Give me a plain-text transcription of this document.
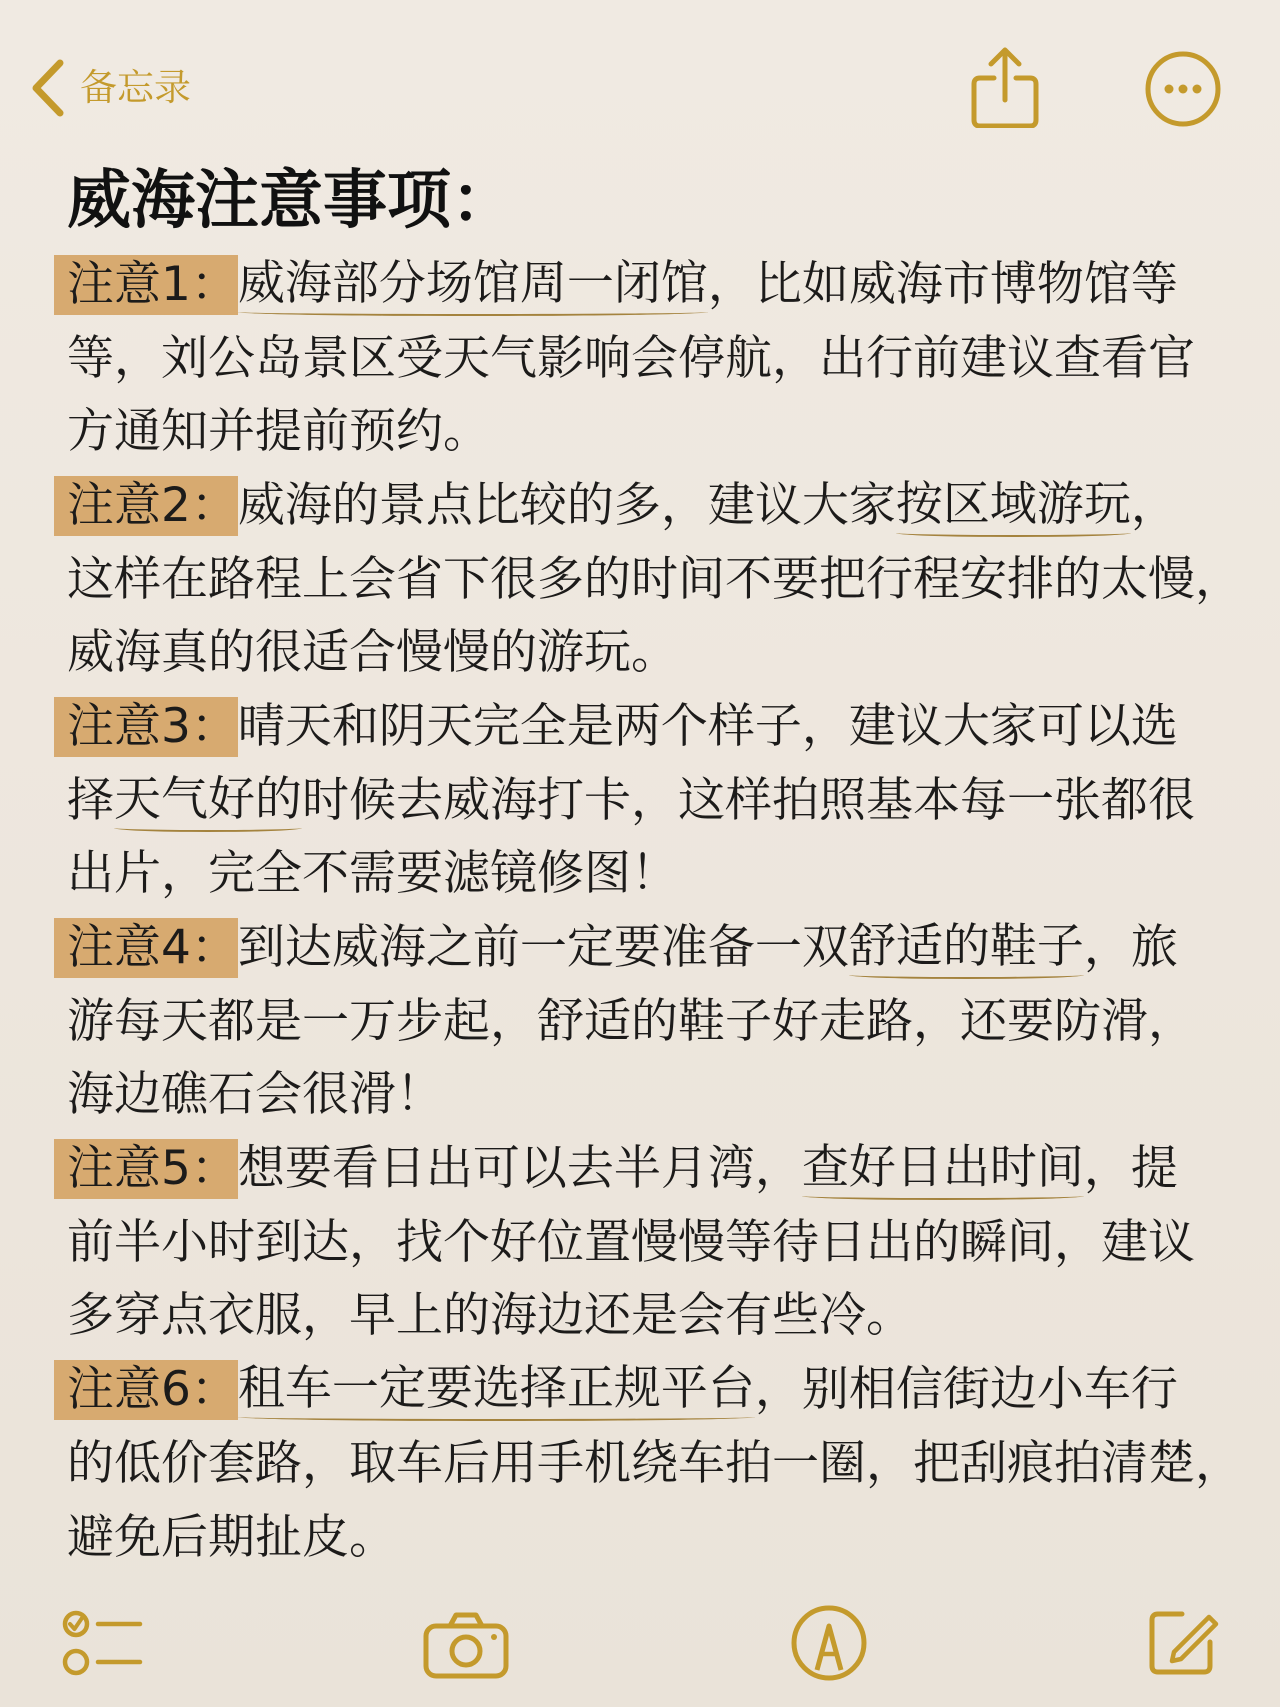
备忘录
威海注意事项：
注意1： 威海部分场馆周一闭馆 ，比如威海市博物馆等
等，刘公岛景区受天气影响会停航，出行前建议查看官
方通知并提前预约。
注意2： 威海的景点比较的多，建议大家 按区域游玩 ，
这样在路程上会省下很多的时间不要把行程安排的太慢，
威海真的很适合慢慢的游玩。
注意3： 晴天和阴天完全是两个样子，建议大家可以选
择 天气好的 时候去威海打卡，这样拍照基本每一张都很
出片，完全不需要滤镜修图！
注意4： 到达威海之前一定要准备一双 舒适的鞋子 ，旅
游每天都是一万步起，舒适的鞋子好走路，还要防滑，
海边礁石会很滑！
注意5： 想要看日出可以去半月湾， 查好日出时间 ，提
前半小时到达，找个好位置慢慢等待日出的瞬间，建议
多穿点衣服，早上的海边还是会有些冷。
注意6： 租车一定要选择正规平台 ，别相信街边小车行
的低价套路，取车后用手机绕车拍一圈，把刮痕拍清楚，
避免后期扯皮。
